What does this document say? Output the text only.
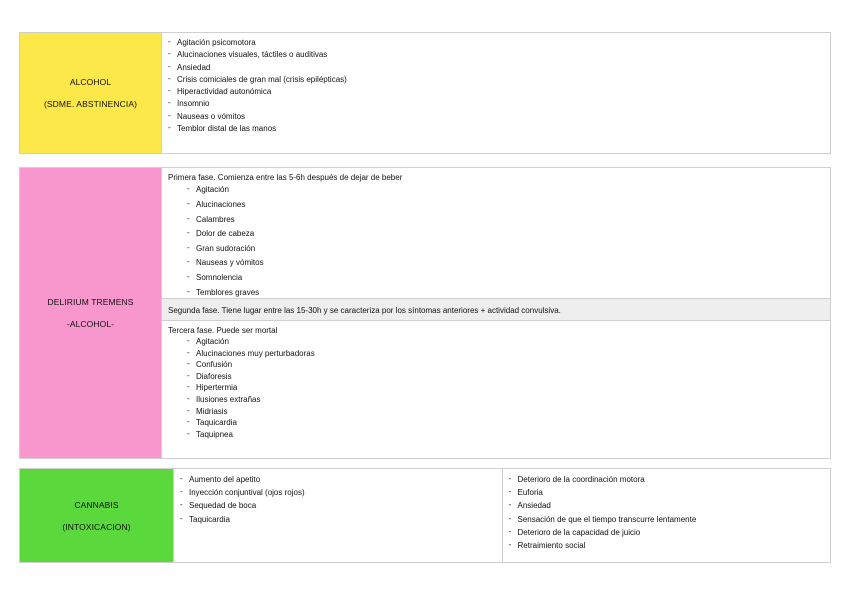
ALCOHOL
(SDME. ABSTINENCIA)
- Agitación psicomotora
- Alucinaciones visuales, táctiles o auditivas
- Ansiedad
- Crisis comiciales de gran mal (crisis epilépticas)
- Hiperactividad autonómica
- Insomnio
- Nauseas o vómitos
- Temblor distal de las manos
DELIRIUM TREMENS
-ALCOHOL-
Primera fase. Comienza entre las 5-6h después de dejar de beber
- Agitación
- Alucinaciones
- Calambres
- Dolor de cabeza
- Gran sudoración
- Nauseas y vómitos
- Somnolencia
- Temblores graves
Segunda fase. Tiene lugar entre las 15-30h y se caracteriza por los síntomas anteriores + actividad convulsiva.
Tercera fase. Puede ser mortal
- Agitación
- Alucinaciones muy perturbadoras
- Confusión
- Diaforesis
- Hipertermia
- Ilusiones extrañas
- Midriasis
- Taquicardia
- Taquipnea
CANNABIS
(INTOXICACION)
- Aumento del apetito
- Inyección conjuntival (ojos rojos)
- Sequedad de boca
- Taquicardia
- Deterioro de la coordinación motora
- Euforia
- Ansiedad
- Sensación de que el tiempo transcurre lentamente
- Deterioro de la capacidad de juicio
- Retraimiento social
